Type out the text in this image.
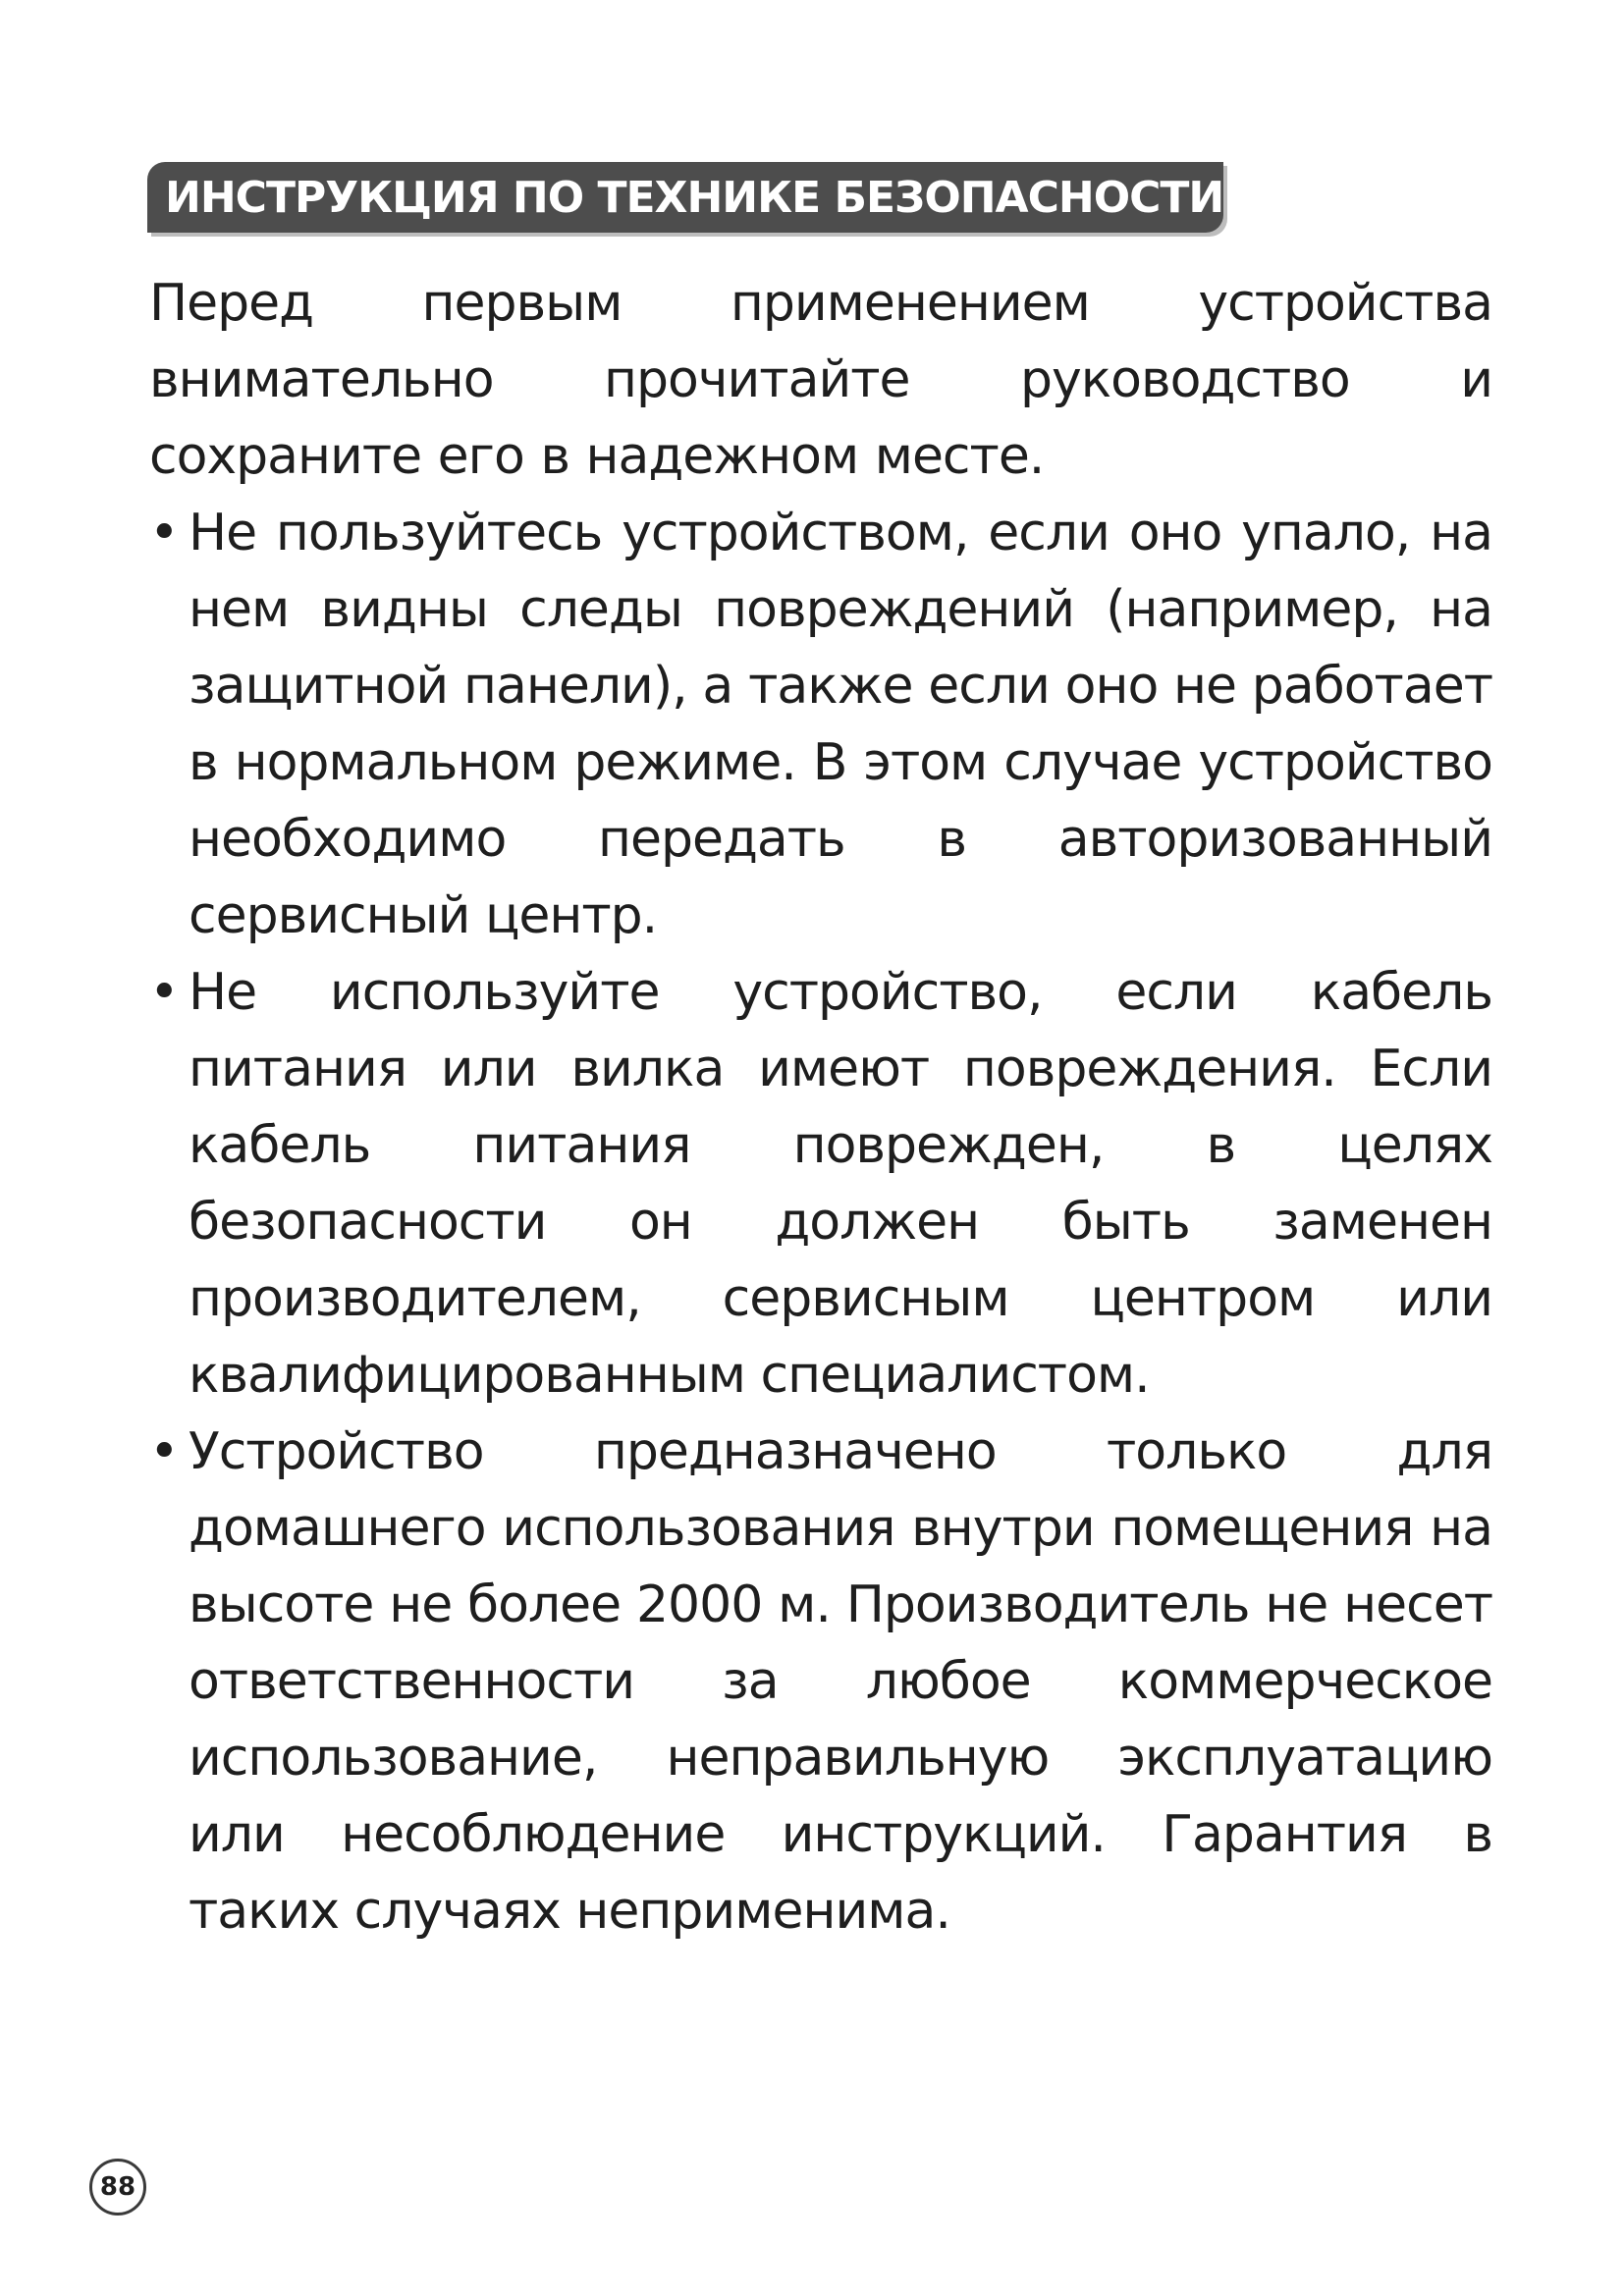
ИНСТРУКЦИЯ ПО ТЕХНИКЕ БЕЗОПАСНОСТИ

Перед первым применением устройства внимательно прочитайте руководство и сохраните его в надежном месте.

• Не пользуйтесь устройством, если оно упало, на нем видны следы повреждений (например, на защитной панели), а также если оно не работает в нормальном режиме. В этом случае устройство необходимо передать в авторизованный сервисный центр.
• Не используйте устройство, если кабель питания или вилка имеют повреждения. Если кабель питания поврежден, в целях безопасности он должен быть заменен производителем, сервисным центром или квалифицированным специалистом.
• Устройство предназначено только для домашнего использования внутри помещения на высоте не более 2000 м. Производитель не несет ответственности за любое коммерческое использование, неправильную эксплуатацию или несоблюдение инструкций. Гарантия в таких случаях неприменима.
88
